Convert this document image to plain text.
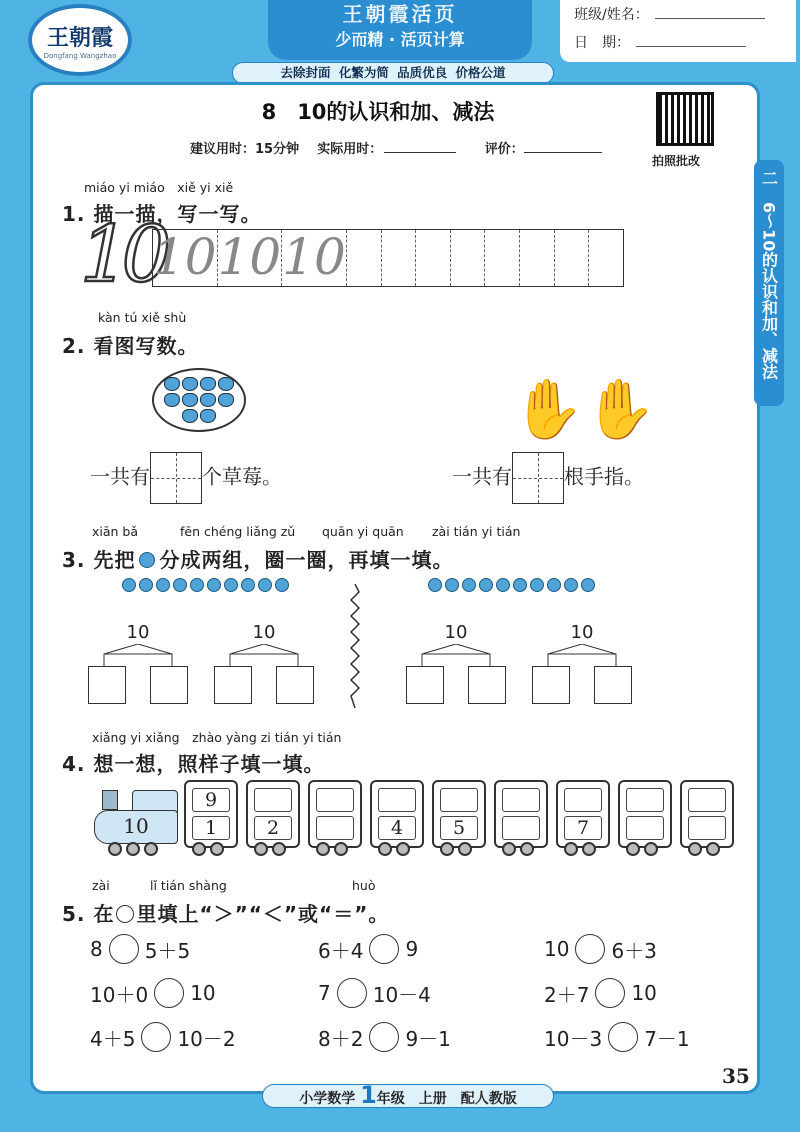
王朝霞
Dongfang Wangzhao
王朝霞活页
少而精 · 活页计算
班级/姓名：
日　期：
去除封面 化繁为简 品质优良 价格公道
8　10的认识和加、减法
建议用时：15分钟 实际用时：	评价：
拍照批改
二　6～10的认识和加、减法
miáo yi miáo　xiě yi xiě
1. 描一描，写一写。
10
10 10 10
kàn tú xiě shù
2. 看图写数。
✋✋
一共有	个草莓。	一共有	根手指。
xiān bǎ	fēn chéng liǎng zǔ quān yi quān zài tián yi tián
3. 先把 分成两组，圈一圈，再填一填。
10	10	10	10
xiǎng yi xiǎng　zhào yàng zi tián yi tián
4. 想一想，照样子填一填。
10
9
1	2	4	5	7
zài	lǐ tián shàng	huò
5. 在 里填上“＞”“＜”或“＝”。
8 5＋5	6＋4 9	10 6＋3
10＋0 10	7 10－4	2＋7 10
4＋5 10－2	8＋2 9－1	10－3 7－1
35
小学数学 1年级　上册　配人教版
